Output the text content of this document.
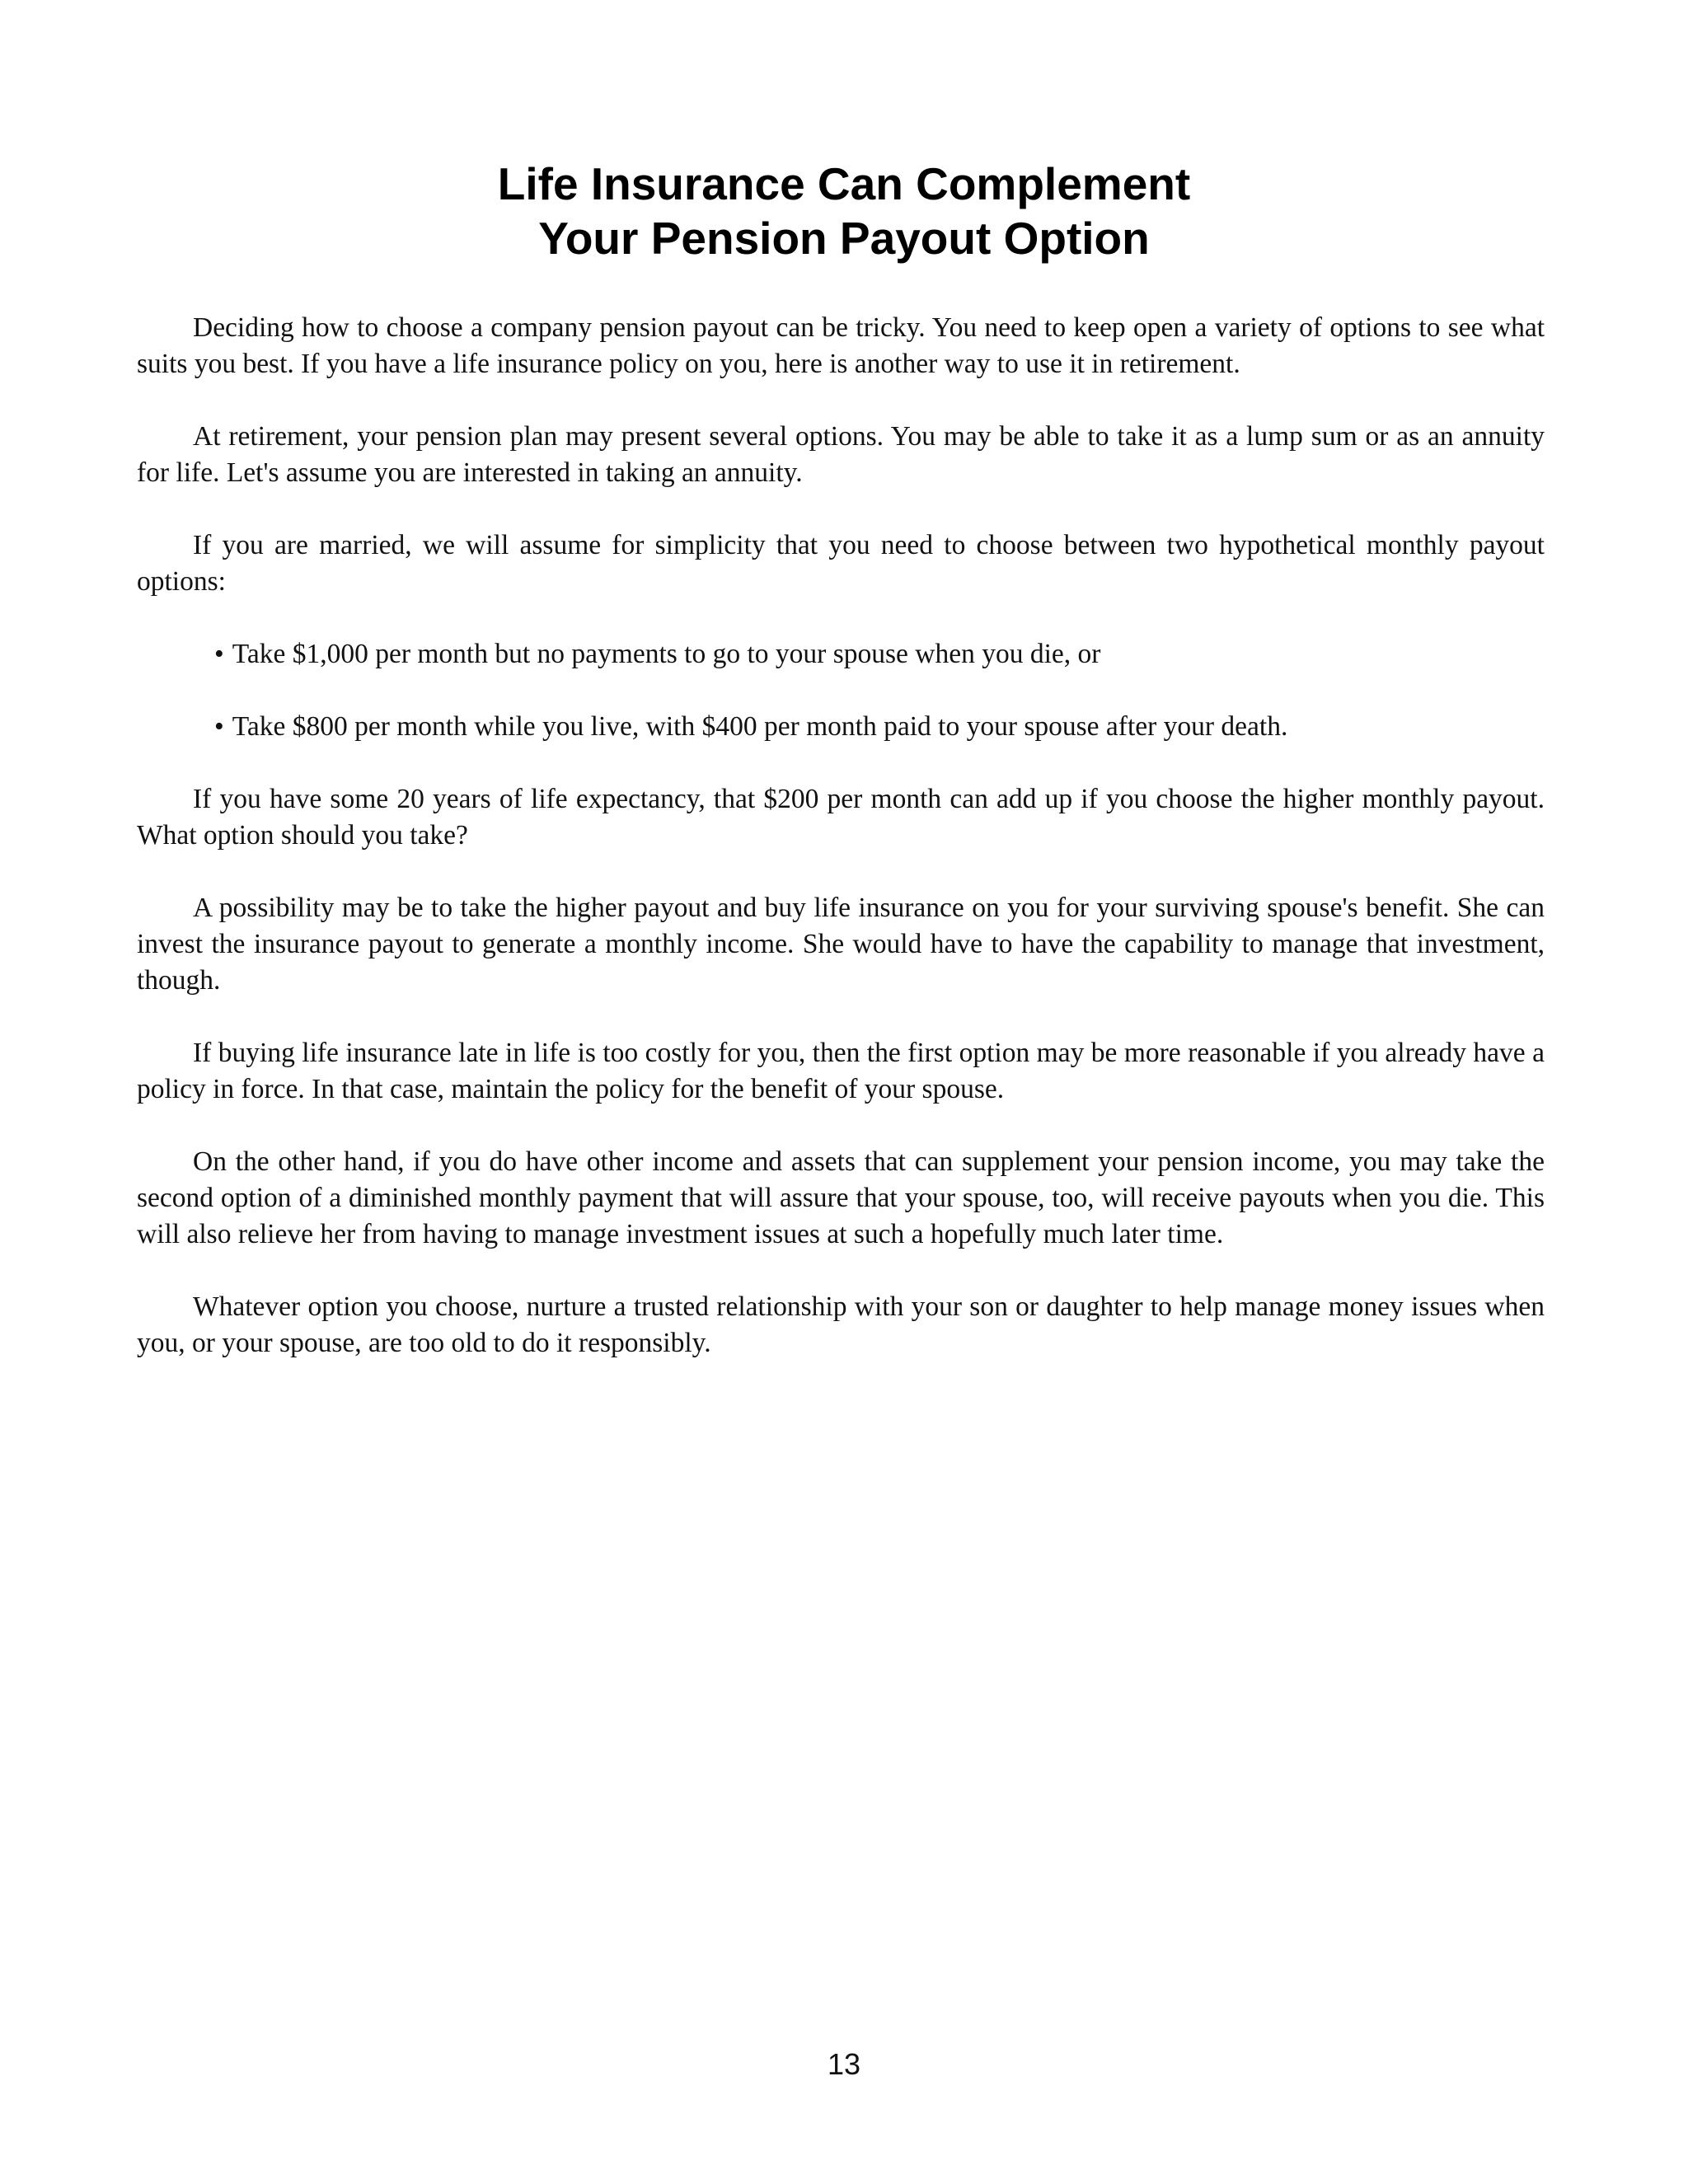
Life Insurance Can Complement
Your Pension Payout Option

Deciding how to choose a company pension payout can be tricky. You need to keep open a variety of options to see what suits you best. If you have a life insurance policy on you, here is another way to use it in retirement.

At retirement, your pension plan may present several options. You may be able to take it as a lump sum or as an annuity for life. Let's assume you are interested in taking an annuity.

If you are married, we will assume for simplicity that you need to choose between two hypothetical monthly payout options:

• Take $1,000 per month but no payments to go to your spouse when you die, or
• Take $800 per month while you live, with $400 per month paid to your spouse after your death.

If you have some 20 years of life expectancy, that $200 per month can add up if you choose the higher monthly payout. What option should you take?

A possibility may be to take the higher payout and buy life insurance on you for your surviving spouse's benefit. She can invest the insurance payout to generate a monthly income. She would have to have the capability to manage that investment, though.

If buying life insurance late in life is too costly for you, then the first option may be more reasonable if you already have a policy in force. In that case, maintain the policy for the benefit of your spouse.

On the other hand, if you do have other income and assets that can supplement your pension income, you may take the second option of a diminished monthly payment that will assure that your spouse, too, will receive payouts when you die. This will also relieve her from having to manage investment issues at such a hopefully much later time.

Whatever option you choose, nurture a trusted relationship with your son or daughter to help manage money issues when you, or your spouse, are too old to do it responsibly.

13
